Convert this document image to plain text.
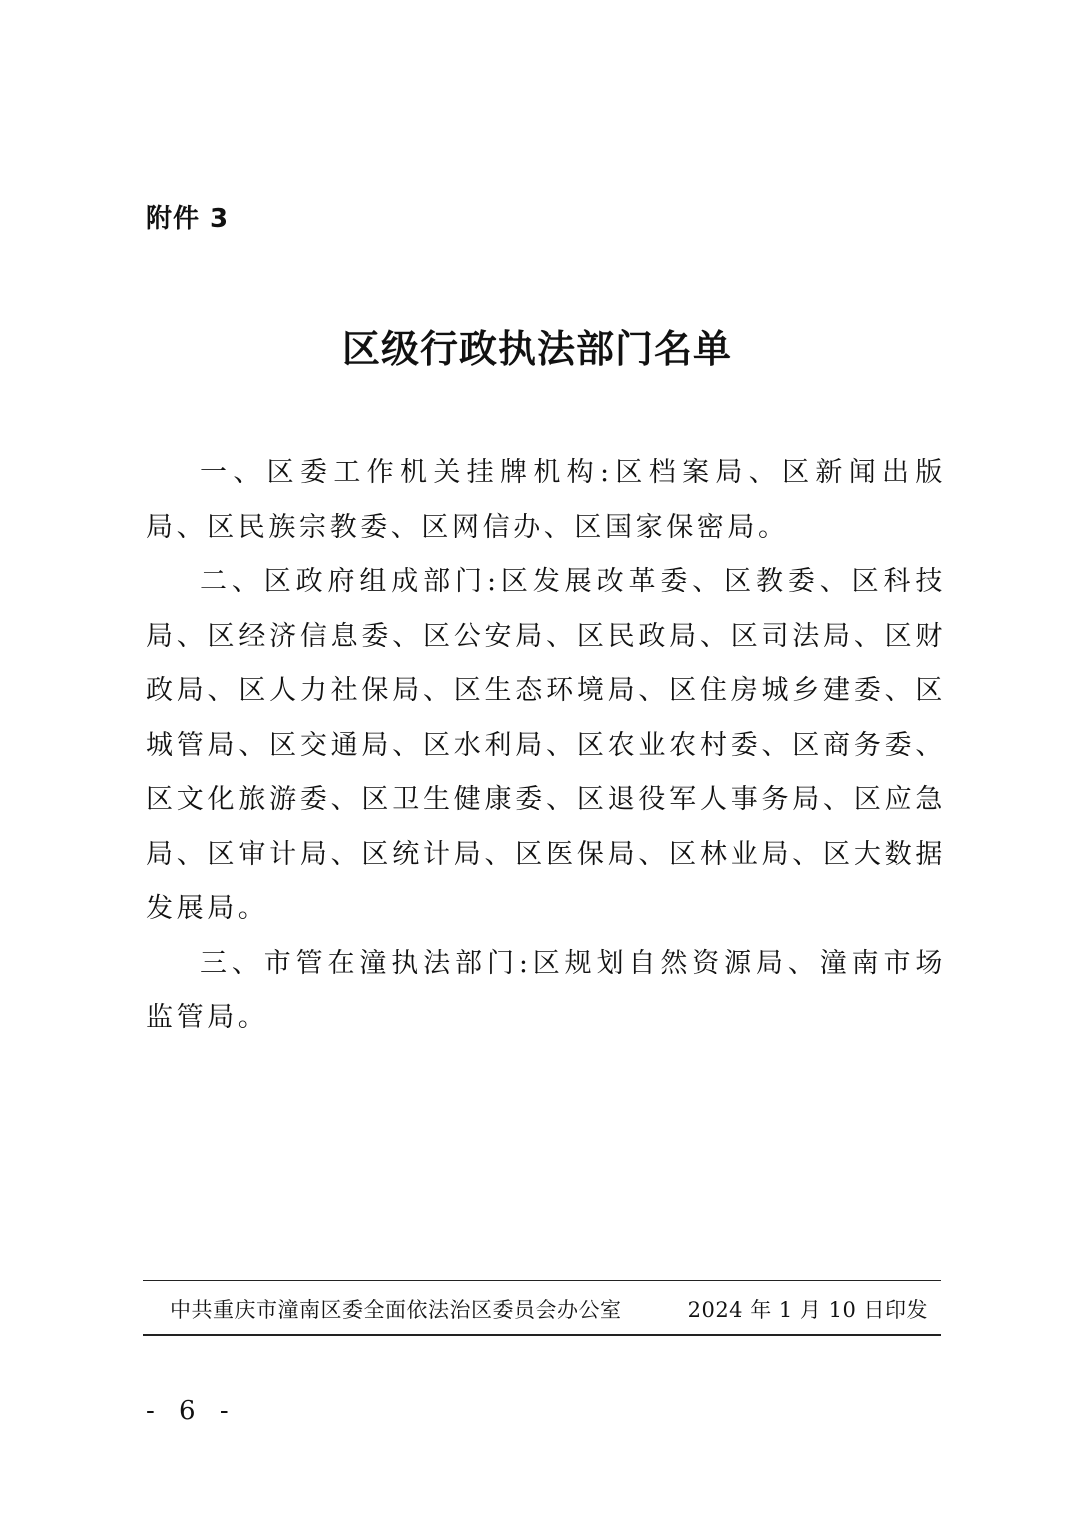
附件 3
区级行政执法部门名单

一、区委工作机关挂牌机构:区档案局、区新闻出版局、区民族宗教委、区网信办、区国家保密局。

二、区政府组成部门:区发展改革委、区教委、区科技局、区经济信息委、区公安局、区民政局、区司法局、区财政局、区人力社保局、区生态环境局、区住房城乡建委、区城管局、区交通局、区水利局、区农业农村委、区商务委、区文化旅游委、区卫生健康委、区退役军人事务局、区应急局、区审计局、区统计局、区医保局、区林业局、区大数据发展局。

三、市管在潼执法部门:区规划自然资源局、潼南市场监管局。

中共重庆市潼南区委全面依法治区委员会办公室	2024 年 1 月 10 日印发
- 6 -
